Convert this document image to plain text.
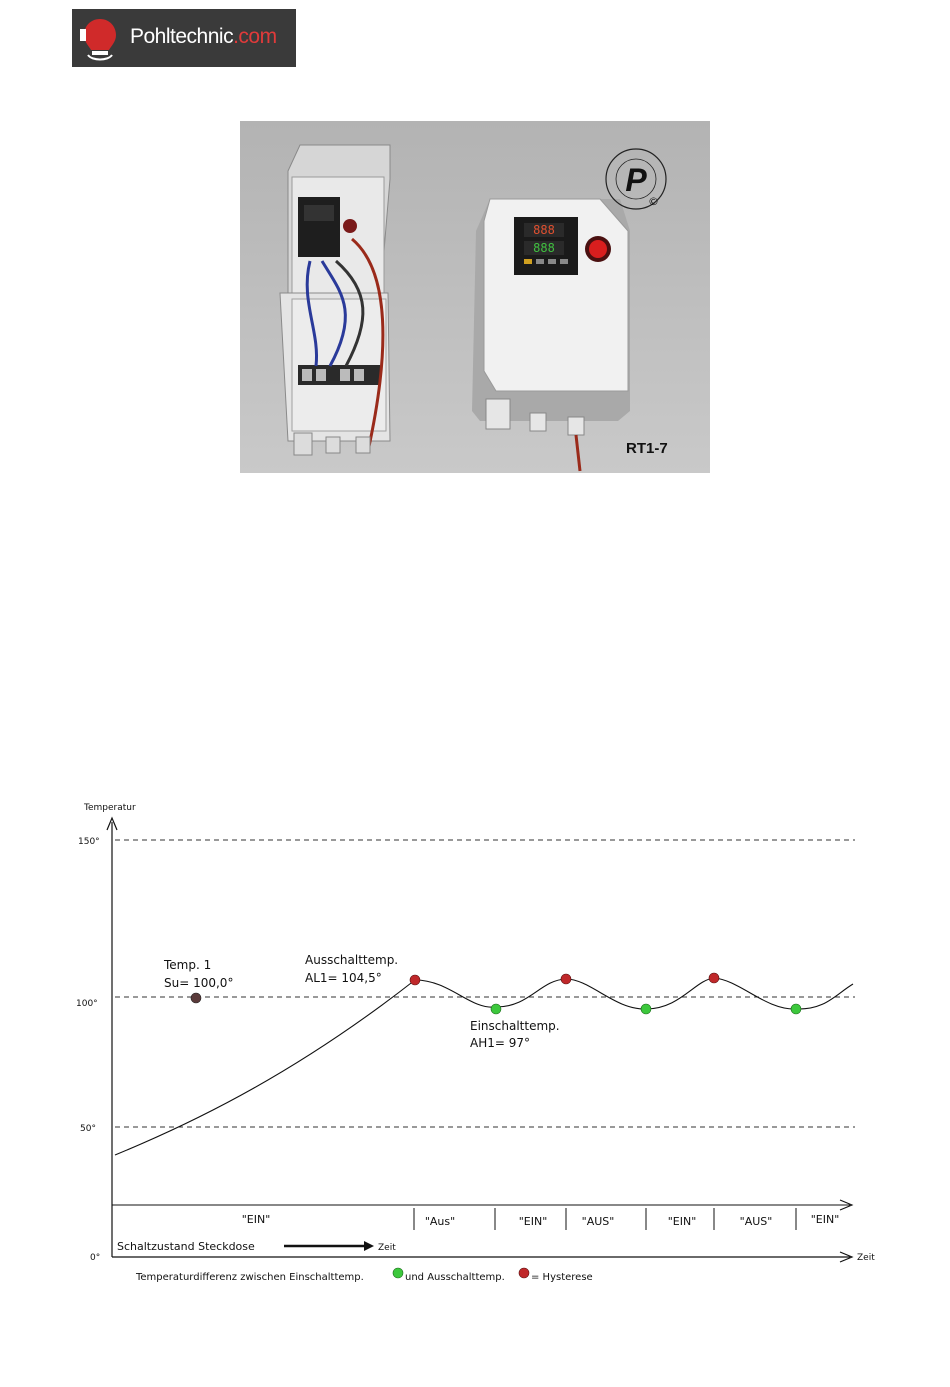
Pohltechnic.com
888
888
P
©
RT1-7
Temperatur
Zeit
150°
100°
50°
0°
Temp. 1
Su= 100,0°
Ausschalttemp.
AL1= 104,5°
Einschalttemp.
AH1= 97°
"EIN"	"Aus"	"EIN"	"AUS"	"EIN"	"AUS"	"EIN"
Schaltzustand Steckdose	Zeit
Temperaturdifferenz zwischen Einschalttemp.	und Ausschalttemp.	= Hysterese
